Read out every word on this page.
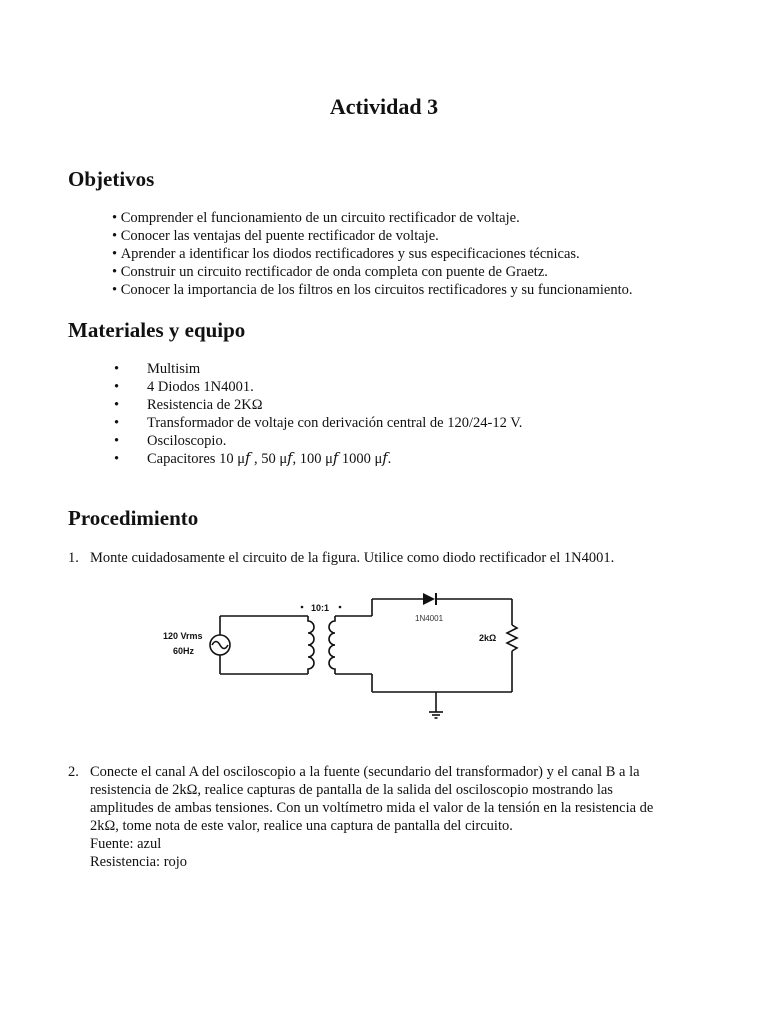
Actividad 3
Objetivos
• Comprender el funcionamiento de un circuito rectificador de voltaje.
• Conocer las ventajas del puente rectificador de voltaje.
• Aprender a identificar los diodos rectificadores y sus especificaciones técnicas.
• Construir un circuito rectificador de onda completa con puente de Graetz.
• Conocer la importancia de los filtros en los circuitos rectificadores y su funcionamiento.
Materiales y equipo
• Multisim
• 4 Diodos 1N4001.
• Resistencia de 2KΩ
• Transformador de voltaje con derivación central de 120/24-12 V.
• Osciloscopio.
• Capacitores 10 μ𝑓 , 50 μ𝑓, 100 μ𝑓 1000 μ𝑓.
Procedimiento
1. Monte cuidadosamente el circuito de la figura. Utilice como diodo rectificador el 1N4001.
120 Vrms
60Hz
10:1
1N4001
2kΩ
2. Conecte el canal A del osciloscopio a la fuente (secundario del transformador) y el canal B a la
resistencia de 2kΩ, realice capturas de pantalla de la salida del osciloscopio mostrando las
amplitudes de ambas tensiones. Con un voltímetro mida el valor de la tensión en la resistencia de
2kΩ, tome nota de este valor, realice una captura de pantalla del circuito.
Fuente: azul
Resistencia: rojo
